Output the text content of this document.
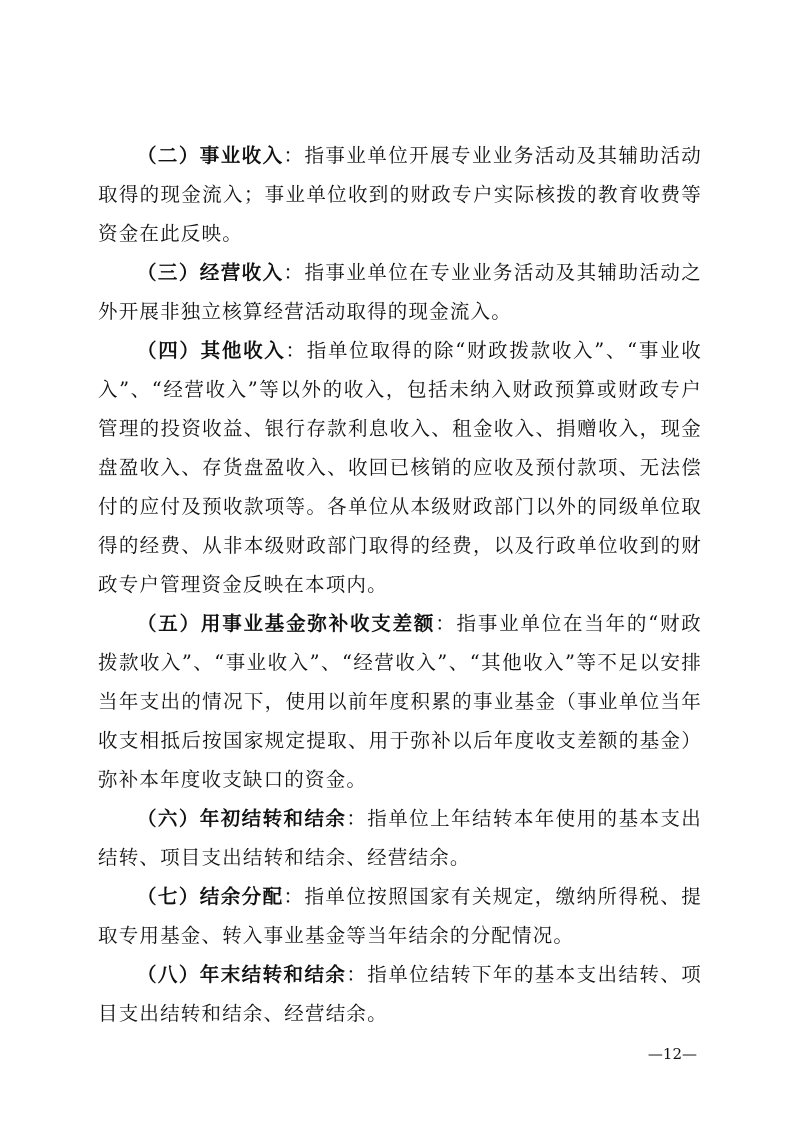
（二）事业收入：指事业单位开展专业业务活动及其辅助活动取得的现金流入；事业单位收到的财政专户实际核拨的教育收费等资金在此反映。

（三）经营收入：指事业单位在专业业务活动及其辅助活动之外开展非独立核算经营活动取得的现金流入。

（四）其他收入：指单位取得的除“财政拨款收入”、“事业收入”、“经营收入”等以外的收入，包括未纳入财政预算或财政专户管理的投资收益、银行存款利息收入、租金收入、捐赠收入，现金盘盈收入、存货盘盈收入、收回已核销的应收及预付款项、无法偿付的应付及预收款项等。各单位从本级财政部门以外的同级单位取得的经费、从非本级财政部门取得的经费，以及行政单位收到的财政专户管理资金反映在本项内。

（五）用事业基金弥补收支差额：指事业单位在当年的“财政拨款收入”、“事业收入”、“经营收入”、“其他收入”等不足以安排当年支出的情况下，使用以前年度积累的事业基金（事业单位当年收支相抵后按国家规定提取、用于弥补以后年度收支差额的基金）弥补本年度收支缺口的资金。

（六）年初结转和结余：指单位上年结转本年使用的基本支出结转、项目支出结转和结余、经营结余。

（七）结余分配：指单位按照国家有关规定，缴纳所得税、提取专用基金、转入事业基金等当年结余的分配情况。

（八）年末结转和结余：指单位结转下年的基本支出结转、项目支出结转和结余、经营结余。

—12—
